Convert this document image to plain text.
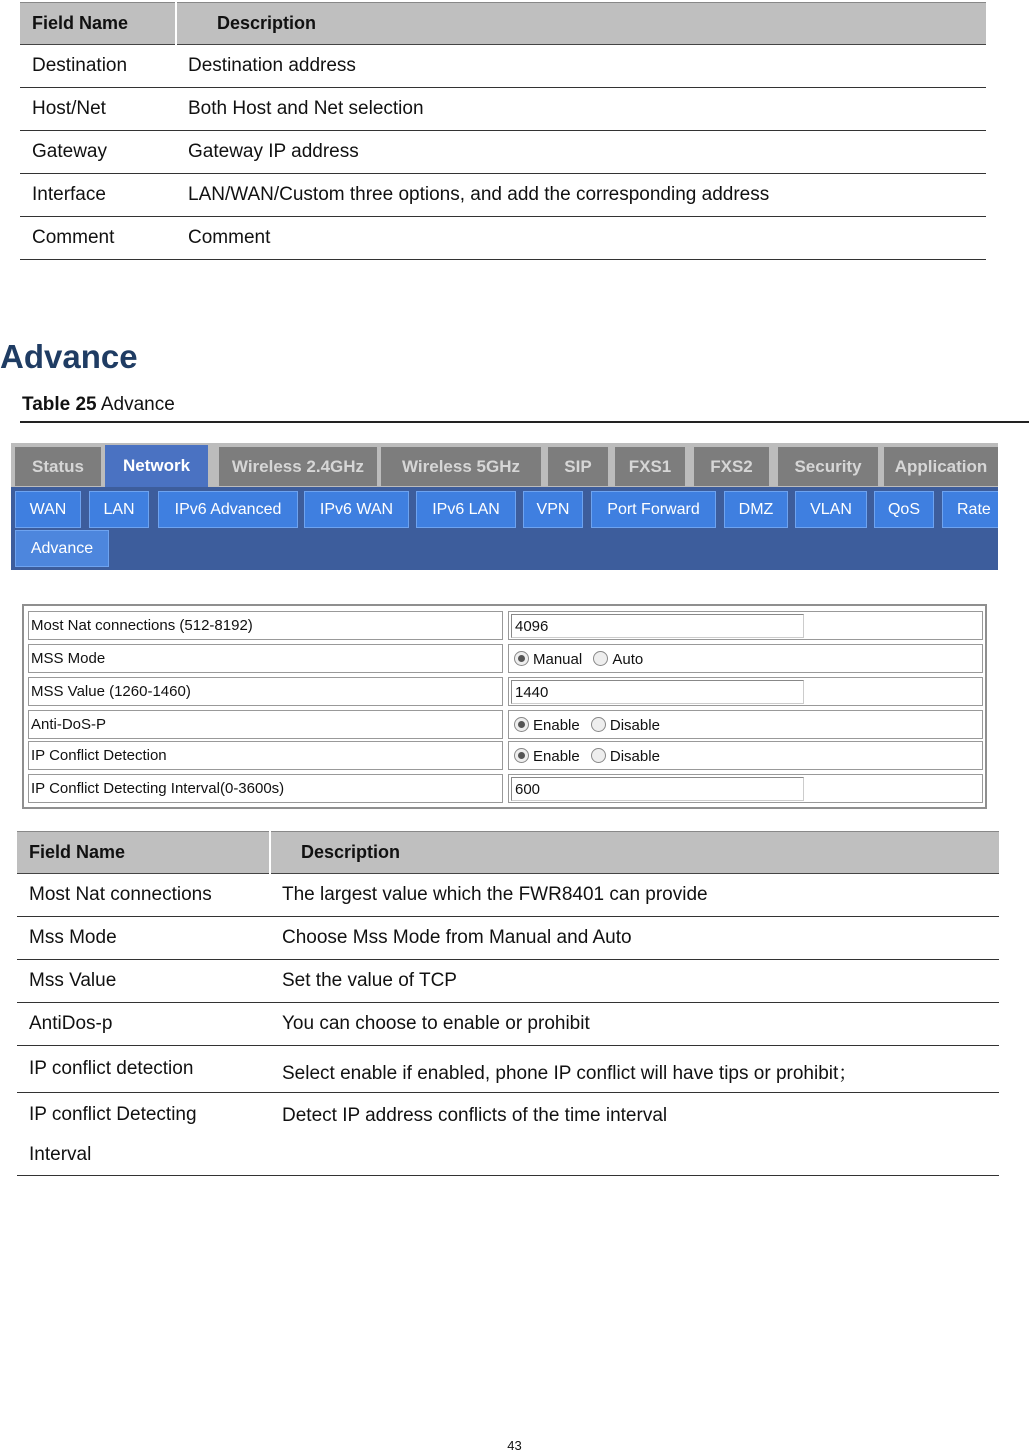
Field Name	Description
Destination	Destination address
Host/Net	Both Host and Net selection
Gateway	Gateway IP address
Interface	LAN/WAN/Custom three options, and add the corresponding address
Comment	Comment
Advance
Table 25 Advance
Status	Network	Wireless 2.4GHz	Wireless 5GHz	SIP	FXS1	FXS2	Security	Application
WAN	LAN	IPv6 Advanced	IPv6 WAN	IPv6 LAN	VPN	Port Forward	DMZ	VLAN	QoS	Rate
Advance
Most Nat connections (512-8192)	4096
MSS Mode	Manual Auto
MSS Value (1260-1460)	1440
Anti-DoS-P	Enable Disable
IP Conflict Detection	Enable Disable
IP Conflict Detecting Interval(0-3600s)	600
Field Name	Description
Most Nat connections	The largest value which the FWR8401 can provide
Mss Mode	Choose Mss Mode from Manual and Auto
Mss Value	Set the value of TCP
AntiDos-p	You can choose to enable or prohibit
IP conflict detection	Select enable if enabled, phone IP conflict will have tips or prohibit；
IP conflict Detecting Interval	Detect IP address conflicts of the time interval
43
